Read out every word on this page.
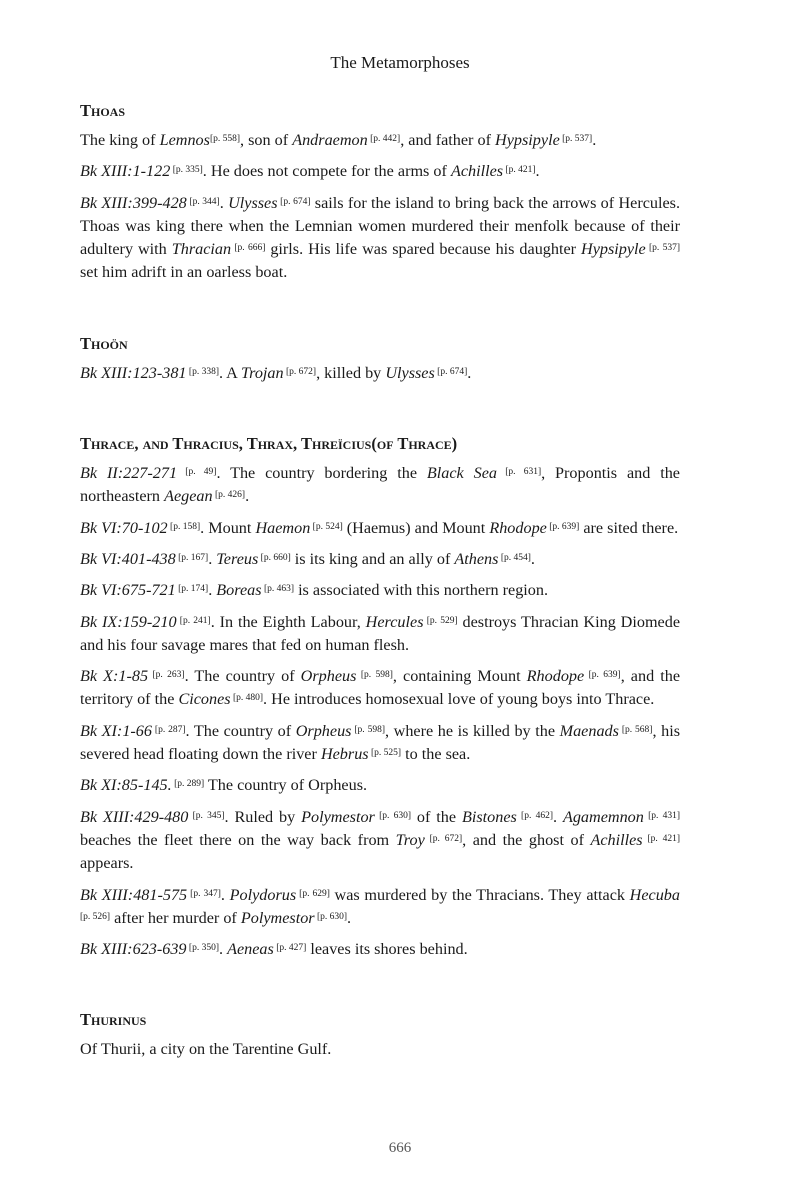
The Metamorphoses
Thoas

The king of Lemnos[p. 558], son of Andraemon [p. 442], and father of Hypsipyle [p. 537].

Bk XIII:1-122 [p. 335]. He does not compete for the arms of Achilles [p. 421].

Bk XIII:399-428 [p. 344]. Ulysses [p. 674] sails for the island to bring back the arrows of Hercules. Thoas was king there when the Lemnian women murdered their menfolk because of their adultery with Thracian [p. 666] girls. His life was spared because his daughter Hypsipyle [p. 537] set him adrift in an oarless boat.

Thoön

Bk XIII:123-381 [p. 338]. A Trojan [p. 672], killed by Ulysses [p. 674].

Thrace, and Thracius, Thrax, Threïcius(of Thrace)

Bk II:227-271 [p. 49]. The country bordering the Black Sea [p. 631], Propontis and the northeastern Aegean [p. 426].

Bk VI:70-102 [p. 158]. Mount Haemon [p. 524] (Haemus) and Mount Rhodope [p. 639] are sited there.

Bk VI:401-438 [p. 167]. Tereus [p. 660] is its king and an ally of Athens [p. 454].

Bk VI:675-721 [p. 174]. Boreas [p. 463] is associated with this northern region.

Bk IX:159-210 [p. 241]. In the Eighth Labour, Hercules [p. 529] destroys Thracian King Diomede and his four savage mares that fed on human flesh.

Bk X:1-85 [p. 263]. The country of Orpheus [p. 598], containing Mount Rhodope [p. 639], and the territory of the Cicones [p. 480]. He introduces homosexual love of young boys into Thrace.

Bk XI:1-66 [p. 287]. The country of Orpheus [p. 598], where he is killed by the Maenads [p. 568], his severed head floating down the river Hebrus [p. 525] to the sea.

Bk XI:85-145. [p. 289] The country of Orpheus.

Bk XIII:429-480 [p. 345]. Ruled by Polymestor [p. 630] of the Bistones [p. 462]. Agamemnon [p. 431] beaches the fleet there on the way back from Troy [p. 672], and the ghost of Achilles [p. 421] appears.

Bk XIII:481-575 [p. 347]. Polydorus [p. 629] was murdered by the Thracians. They attack Hecuba [p. 526] after her murder of Polymestor [p. 630].

Bk XIII:623-639 [p. 350]. Aeneas [p. 427] leaves its shores behind.

Thurinus

Of Thurii, a city on the Tarentine Gulf.

666
